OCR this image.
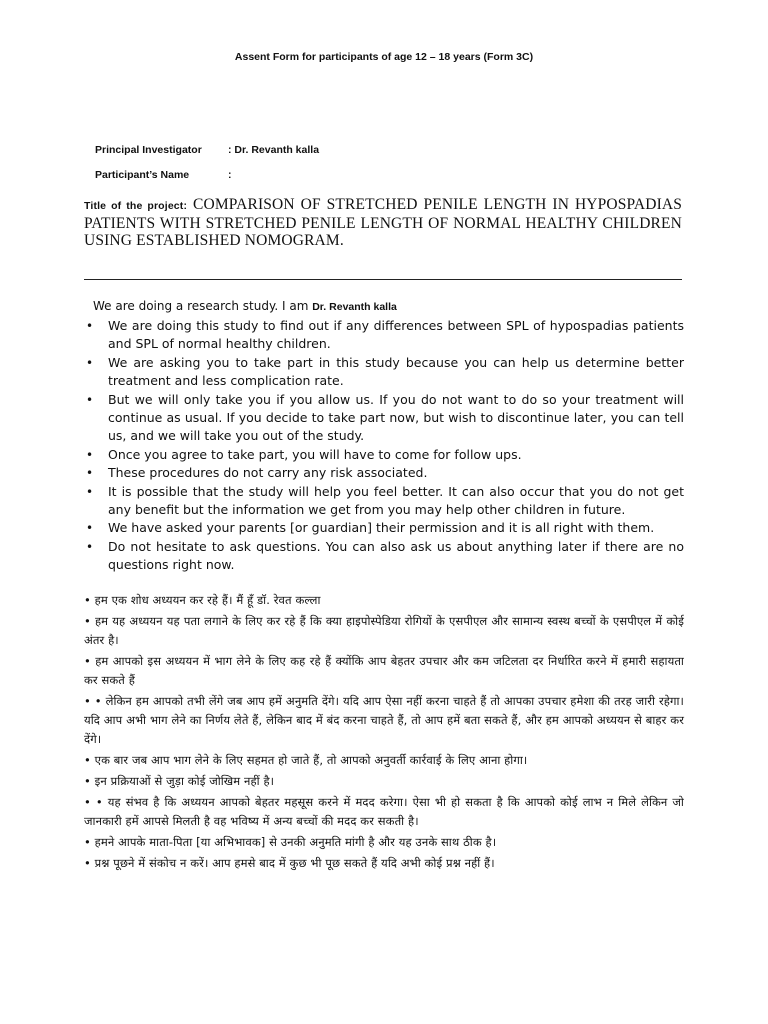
Assent Form for participants of age 12 – 18 years (Form 3C)
Principal Investigator : Dr. Revanth kalla
Participant’s Name	:
Title of the project: COMPARISON OF STRETCHED PENILE LENGTH IN HYPOSPADIAS PATIENTS WITH STRETCHED PENILE LENGTH OF NORMAL HEALTHY CHILDREN USING ESTABLISHED NOMOGRAM.
We are doing a research study. I am Dr. Revanth kalla
• We are doing this study to find out if any differences between SPL of hypospadias patients and SPL of normal healthy children.
• We are asking you to take part in this study because you can help us determine better treatment and less complication rate.
• But we will only take you if you allow us. If you do not want to do so your treatment will continue as usual. If you decide to take part now, but wish to discontinue later, you can tell us, and we will take you out of the study.
• Once you agree to take part, you will have to come for follow ups.
• These procedures do not carry any risk associated.
• It is possible that the study will help you feel better. It can also occur that you do not get any benefit but the information we get from you may help other children in future.
• We have asked your parents [or guardian] their permission and it is all right with them.
• Do not hesitate to ask questions. You can also ask us about anything later if there are no questions right now.
• हम एक शोध अध्ययन कर रहे हैं। मैं हूँ डॉ. रेवत कल्ला
• हम यह अध्ययन यह पता लगाने के लिए कर रहे हैं कि क्या हाइपोस्पेडिया रोगियों के एसपीएल और सामान्य स्वस्थ बच्चों के एसपीएल में कोई अंतर है।
• हम आपको इस अध्ययन में भाग लेने के लिए कह रहे हैं क्योंकि आप बेहतर उपचार और कम जटिलता दर निर्धारित करने में हमारी सहायता कर सकते हैं
• • लेकिन हम आपको तभी लेंगे जब आप हमें अनुमति देंगे। यदि आप ऐसा नहीं करना चाहते हैं तो आपका उपचार हमेशा की तरह जारी रहेगा। यदि आप अभी भाग लेने का निर्णय लेते हैं, लेकिन बाद में बंद करना चाहते हैं, तो आप हमें बता सकते हैं, और हम आपको अध्ययन से बाहर कर देंगे।
• एक बार जब आप भाग लेने के लिए सहमत हो जाते हैं, तो आपको अनुवर्ती कार्रवाई के लिए आना होगा।
• इन प्रक्रियाओं से जुड़ा कोई जोखिम नहीं है।
• • यह संभव है कि अध्ययन आपको बेहतर महसूस करने में मदद करेगा। ऐसा भी हो सकता है कि आपको कोई लाभ न मिले लेकिन जो जानकारी हमें आपसे मिलती है वह भविष्य में अन्य बच्चों की मदद कर सकती है।
• हमने आपके माता-पिता [या अभिभावक] से उनकी अनुमति मांगी है और यह उनके साथ ठीक है।
• प्रश्न पूछने में संकोच न करें। आप हमसे बाद में कुछ भी पूछ सकते हैं यदि अभी कोई प्रश्न नहीं हैं।
